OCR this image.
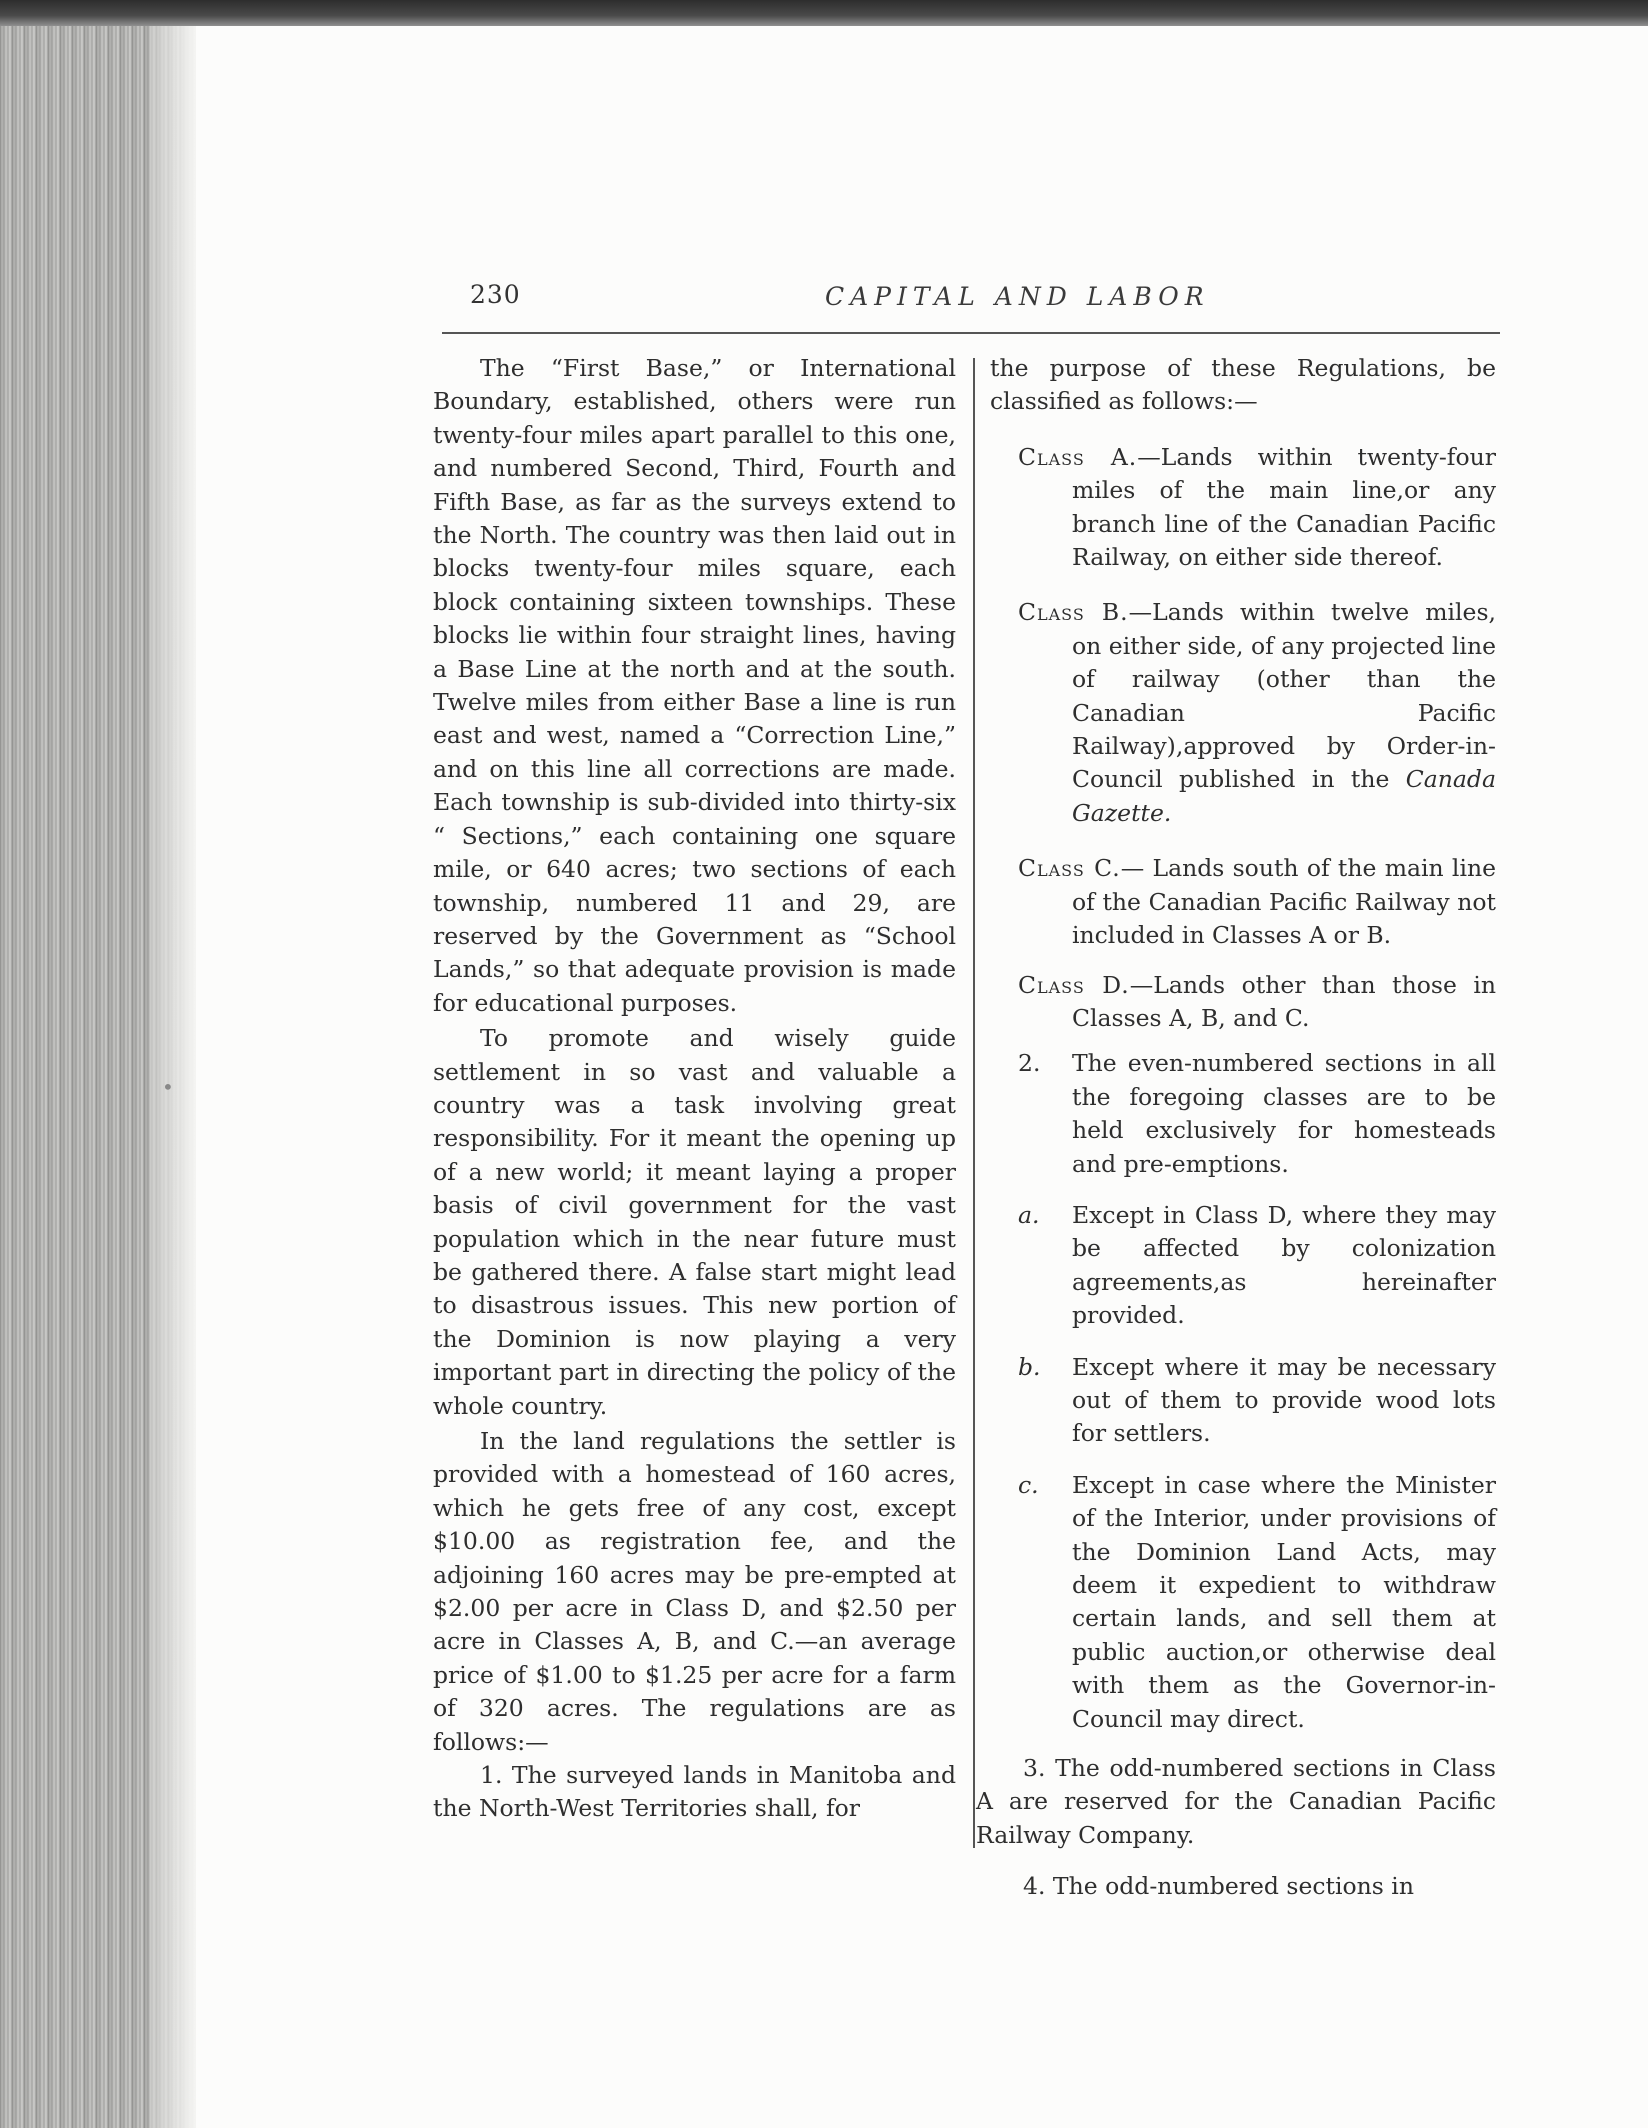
•​
230	CAPITAL AND LABOR

The “First Base,” or International Boundary, established, others were run twenty-four miles apart parallel to this one, and numbered Second, Third, Fourth and Fifth Base, as far as the surveys extend to the North. The country was then laid out in blocks twenty-four miles square, each block containing sixteen townships. These blocks lie within four straight lines, having a Base Line at the north and at the south. Twelve miles from either Base a line is run east and west, named a “Correction Line,” and on this line all corrections are made. Each township is sub-divided into thirty-six “ Sections,” each containing one square mile, or 640 acres; two sections of each township, numbered 11 and 29, are reserved by the Government as “School Lands,” so that adequate provision is made for educational purposes.

To promote and wisely guide settlement in so vast and valuable a country was a task involving great responsibility. For it meant the opening up of a new world; it meant laying a proper basis of civil government for the vast population which in the near future must be gathered there. A false start might lead to disastrous issues. This new portion of the Dominion is now playing a very important part in directing the policy of the whole country.

In the land regulations the settler is provided with a homestead of 160 acres, which he gets free of any cost, except $10.00 as registration fee, and the adjoining 160 acres may be pre-empted at $2.00 per acre in Class D, and $2.50 per acre in Classes A, B, and C.—an average price of $1.00 to $1.25 per acre for a farm of 320 acres. The regulations are as follows:—

1. The surveyed lands in Manitoba and the North-West Territories shall, for

the purpose of these Regulations, be classified as follows:—

Class A.—Lands within twenty-four miles of the main line,or any branch line of the Canadian Pacific Railway, on either side thereof.

Class B.—Lands within twelve miles, on either side, of any projected line of railway (other than the Canadian Pacific Railway),approved by Order-in-Council published in the Canada Gazette.

Class C.— Lands south of the main line of the Canadian Pacific Railway not included in Classes A or B.

Class D.—Lands other than those in Classes A, B, and C.

2. The even-numbered sections in all the foregoing classes are to be held exclusively for homesteads and pre-emptions.

a. Except in Class D, where they may be affected by colonization agreements,as hereinafter provided.

b. Except where it may be necessary out of them to provide wood lots for settlers.

c. Except in case where the Minister of the Interior, under provisions of the Dominion Land Acts, may deem it expedient to withdraw certain lands, and sell them at public auction,or otherwise deal with them as the Governor-in-Council may direct.

3. The odd-numbered sections in Class A are reserved for the Canadian Pacific Railway Company.

4. The odd-numbered sections in
